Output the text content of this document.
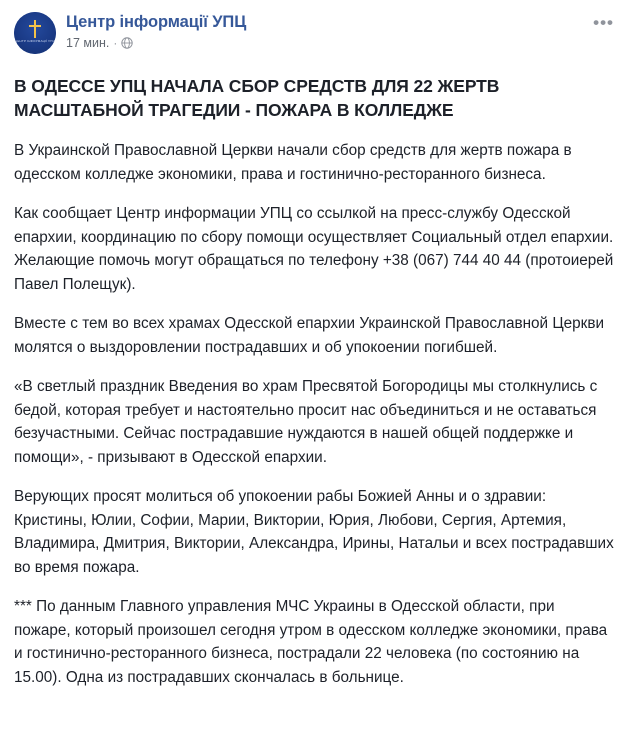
ЦЕНТР ІНФОРМАЦІЇ УПЦ
Центр інформації УПЦ
17 мин. ·
•••
В ОДЕССЕ УПЦ НАЧАЛА СБОР СРЕДСТВ ДЛЯ 22 ЖЕРТВ МАСШТАБНОЙ ТРАГЕДИИ - ПОЖАРА В КОЛЛЕДЖЕ

В Украинской Православной Церкви начали сбор средств для жертв пожара в одесском колледже экономики, права и гостинично-ресторанного бизнеса.

Как сообщает Центр информации УПЦ со ссылкой на пресс-службу Одесской епархии, координацию по сбору помощи осуществляет Социальный отдел епархии. Желающие помочь могут обращаться по телефону +38 (067) 744 40 44 (протоиерей Павел Полещук).

Вместе с тем во всех храмах Одесской епархии Украинской Православной Церкви молятся о выздоровлении пострадавших и об упокоении погибшей.

«В светлый праздник Введения во храм Пресвятой Богородицы мы столкнулись с бедой, которая требует и настоятельно просит нас объединиться и не оставаться безучастными. Сейчас пострадавшие нуждаются в нашей общей поддержке и помощи», - призывают в Одесской епархии.

Верующих просят молиться об упокоении рабы Божией Анны и о здравии: Кристины, Юлии, Софии, Марии, Виктории, Юрия, Любови, Сергия, Артемия, Владимира, Дмитрия, Виктории, Александра, Ирины, Натальи и всех пострадавших во время пожара.

*** По данным Главного управления МЧС Украины в Одесской области, при пожаре, который произошел сегодня утром в одесском колледже экономики, права и гостинично-ресторанного бизнеса, пострадали 22 человека (по состоянию на 15.00). Одна из пострадавших скончалась в больнице.
